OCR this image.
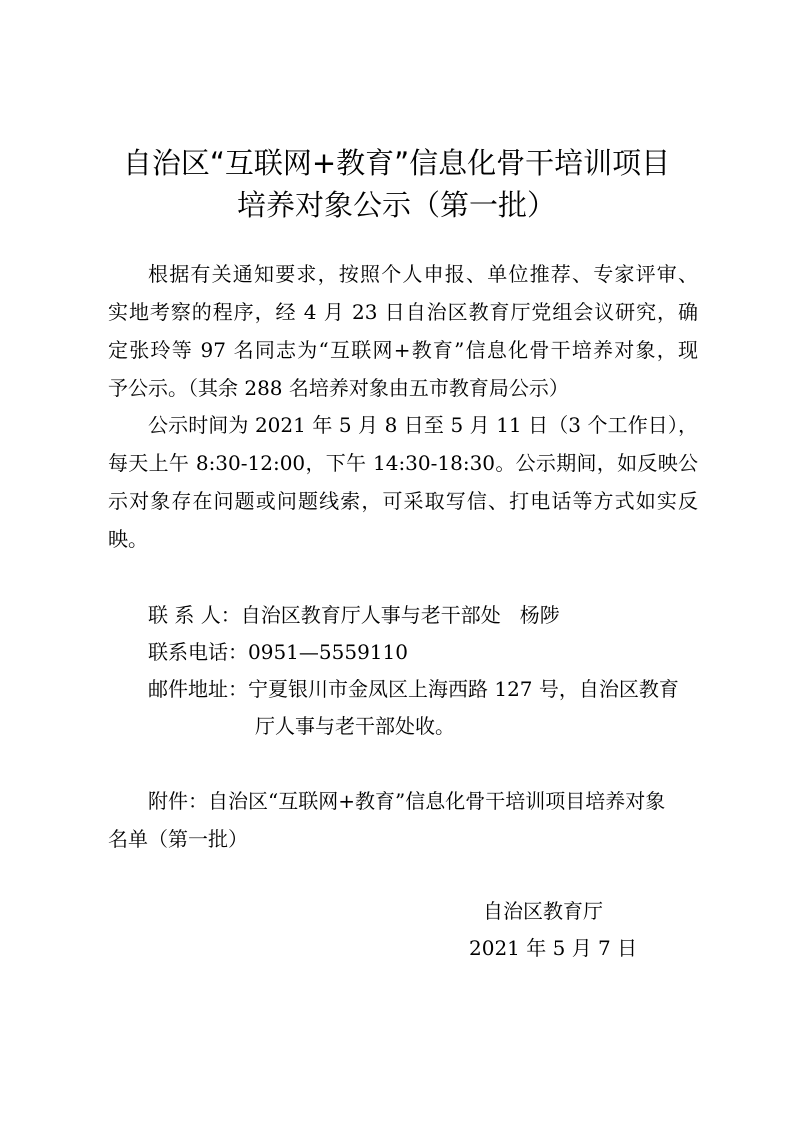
自治区“互联网+教育”信息化骨干培训项目
培养对象公示（第一批）
根据有关通知要求，按照个人申报、单位推荐、专家评审、
实地考察的程序，经 4 月 23 日自治区教育厅党组会议研究，确
定张玲等 97 名同志为“互联网+教育”信息化骨干培养对象，现
予公示。（其余 288 名培养对象由五市教育局公示）
公示时间为 2021 年 5 月 8 日至 5 月 11 日（3 个工作日），
每天上午 8:30-12:00，下午 14:30-18:30。公示期间，如反映公
示对象存在问题或问题线索，可采取写信、打电话等方式如实反
映。
联 系 人：自治区教育厅人事与老干部处   杨陟
联系电话：0951—5559110
邮件地址：宁夏银川市金凤区上海西路 127 号，自治区教育
厅人事与老干部处收。
附件：自治区“互联网+教育”信息化骨干培训项目培养对象
名单（第一批）
自治区教育厅
2021 年 5 月 7 日
